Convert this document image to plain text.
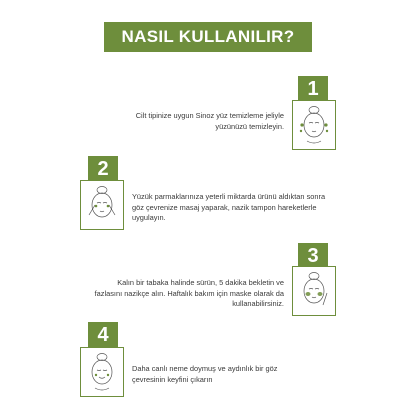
NASIL KULLANILIR?
1
Cilt tipinize uygun Sinoz yüz temizleme jeliyle yüzünüzü temizleyin.
2
Yüzük parmaklarınıza yeterli miktarda ürünü aldıktan sonra göz çevrenize masaj yaparak, nazik tampon hareketlerle uygulayın.
3
Kalın bir tabaka halinde sürün, 5 dakika bekletin ve fazlasını nazikçe alın. Haftalık bakım için maske olarak da kullanabilirsiniz.
4
Daha canlı neme doymuş ve aydınlık bir göz çevresinin keyfini çıkarın
